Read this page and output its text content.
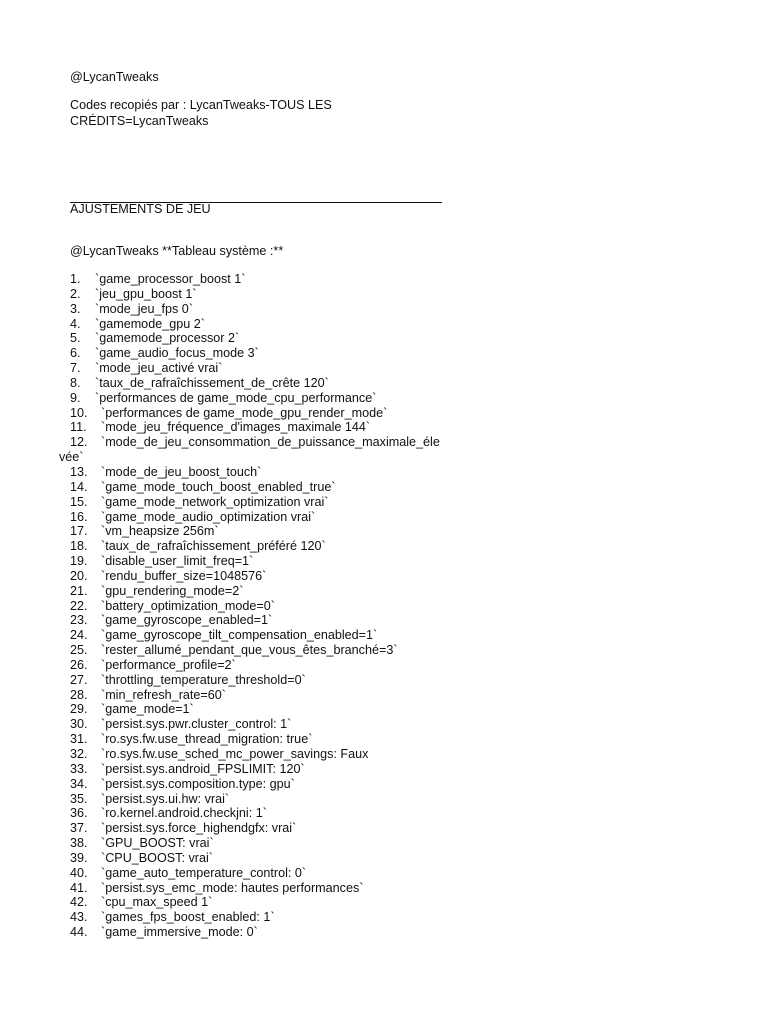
@LycanTweaks
Codes recopiés par : LycanTweaks-TOUS LES
CRÉDITS=LycanTweaks
AJUSTEMENTS DE JEU
@LycanTweaks **Tableau système :**
1. `game_processor_boost 1`
2. `jeu_gpu_boost 1`
3. `mode_jeu_fps 0`
4. `gamemode_gpu 2`
5. `gamemode_processor 2`
6. `game_audio_focus_mode 3`
7. `mode_jeu_activé vrai`
8. `taux_de_rafraîchissement_de_crête 120`
9. `performances de game_mode_cpu_performance`
10. `performances de game_mode_gpu_render_mode`
11. `mode_jeu_fréquence_d'images_maximale 144`
12. `mode_de_jeu_consommation_de_puissance_maximale_éle
vée`
13. `mode_de_jeu_boost_touch`
14. `game_mode_touch_boost_enabled_true`
15. `game_mode_network_optimization vrai`
16. `game_mode_audio_optimization vrai`
17. `vm_heapsize 256m`
18. `taux_de_rafraîchissement_préféré 120`
19. `disable_user_limit_freq=1`
20. `rendu_buffer_size=1048576`
21. `gpu_rendering_mode=2`
22. `battery_optimization_mode=0`
23. `game_gyroscope_enabled=1`
24. `game_gyroscope_tilt_compensation_enabled=1`
25. `rester_allumé_pendant_que_vous_êtes_branché=3`
26. `performance_profile=2`
27. `throttling_temperature_threshold=0`
28. `min_refresh_rate=60`
29. `game_mode=1`
30. `persist.sys.pwr.cluster_control: 1`
31. `ro.sys.fw.use_thread_migration: true`
32. `ro.sys.fw.use_sched_mc_power_savings: Faux
33. `persist.sys.android_FPSLIMIT: 120`
34. `persist.sys.composition.type: gpu`
35. `persist.sys.ui.hw: vrai`
36. `ro.kernel.android.checkjni: 1`
37. `persist.sys.force_highendgfx: vrai`
38. `GPU_BOOST: vrai`
39. `CPU_BOOST: vrai`
40. `game_auto_temperature_control: 0`
41. `persist.sys_emc_mode: hautes performances`
42. `cpu_max_speed 1`
43. `games_fps_boost_enabled: 1`
44. `game_immersive_mode: 0`
